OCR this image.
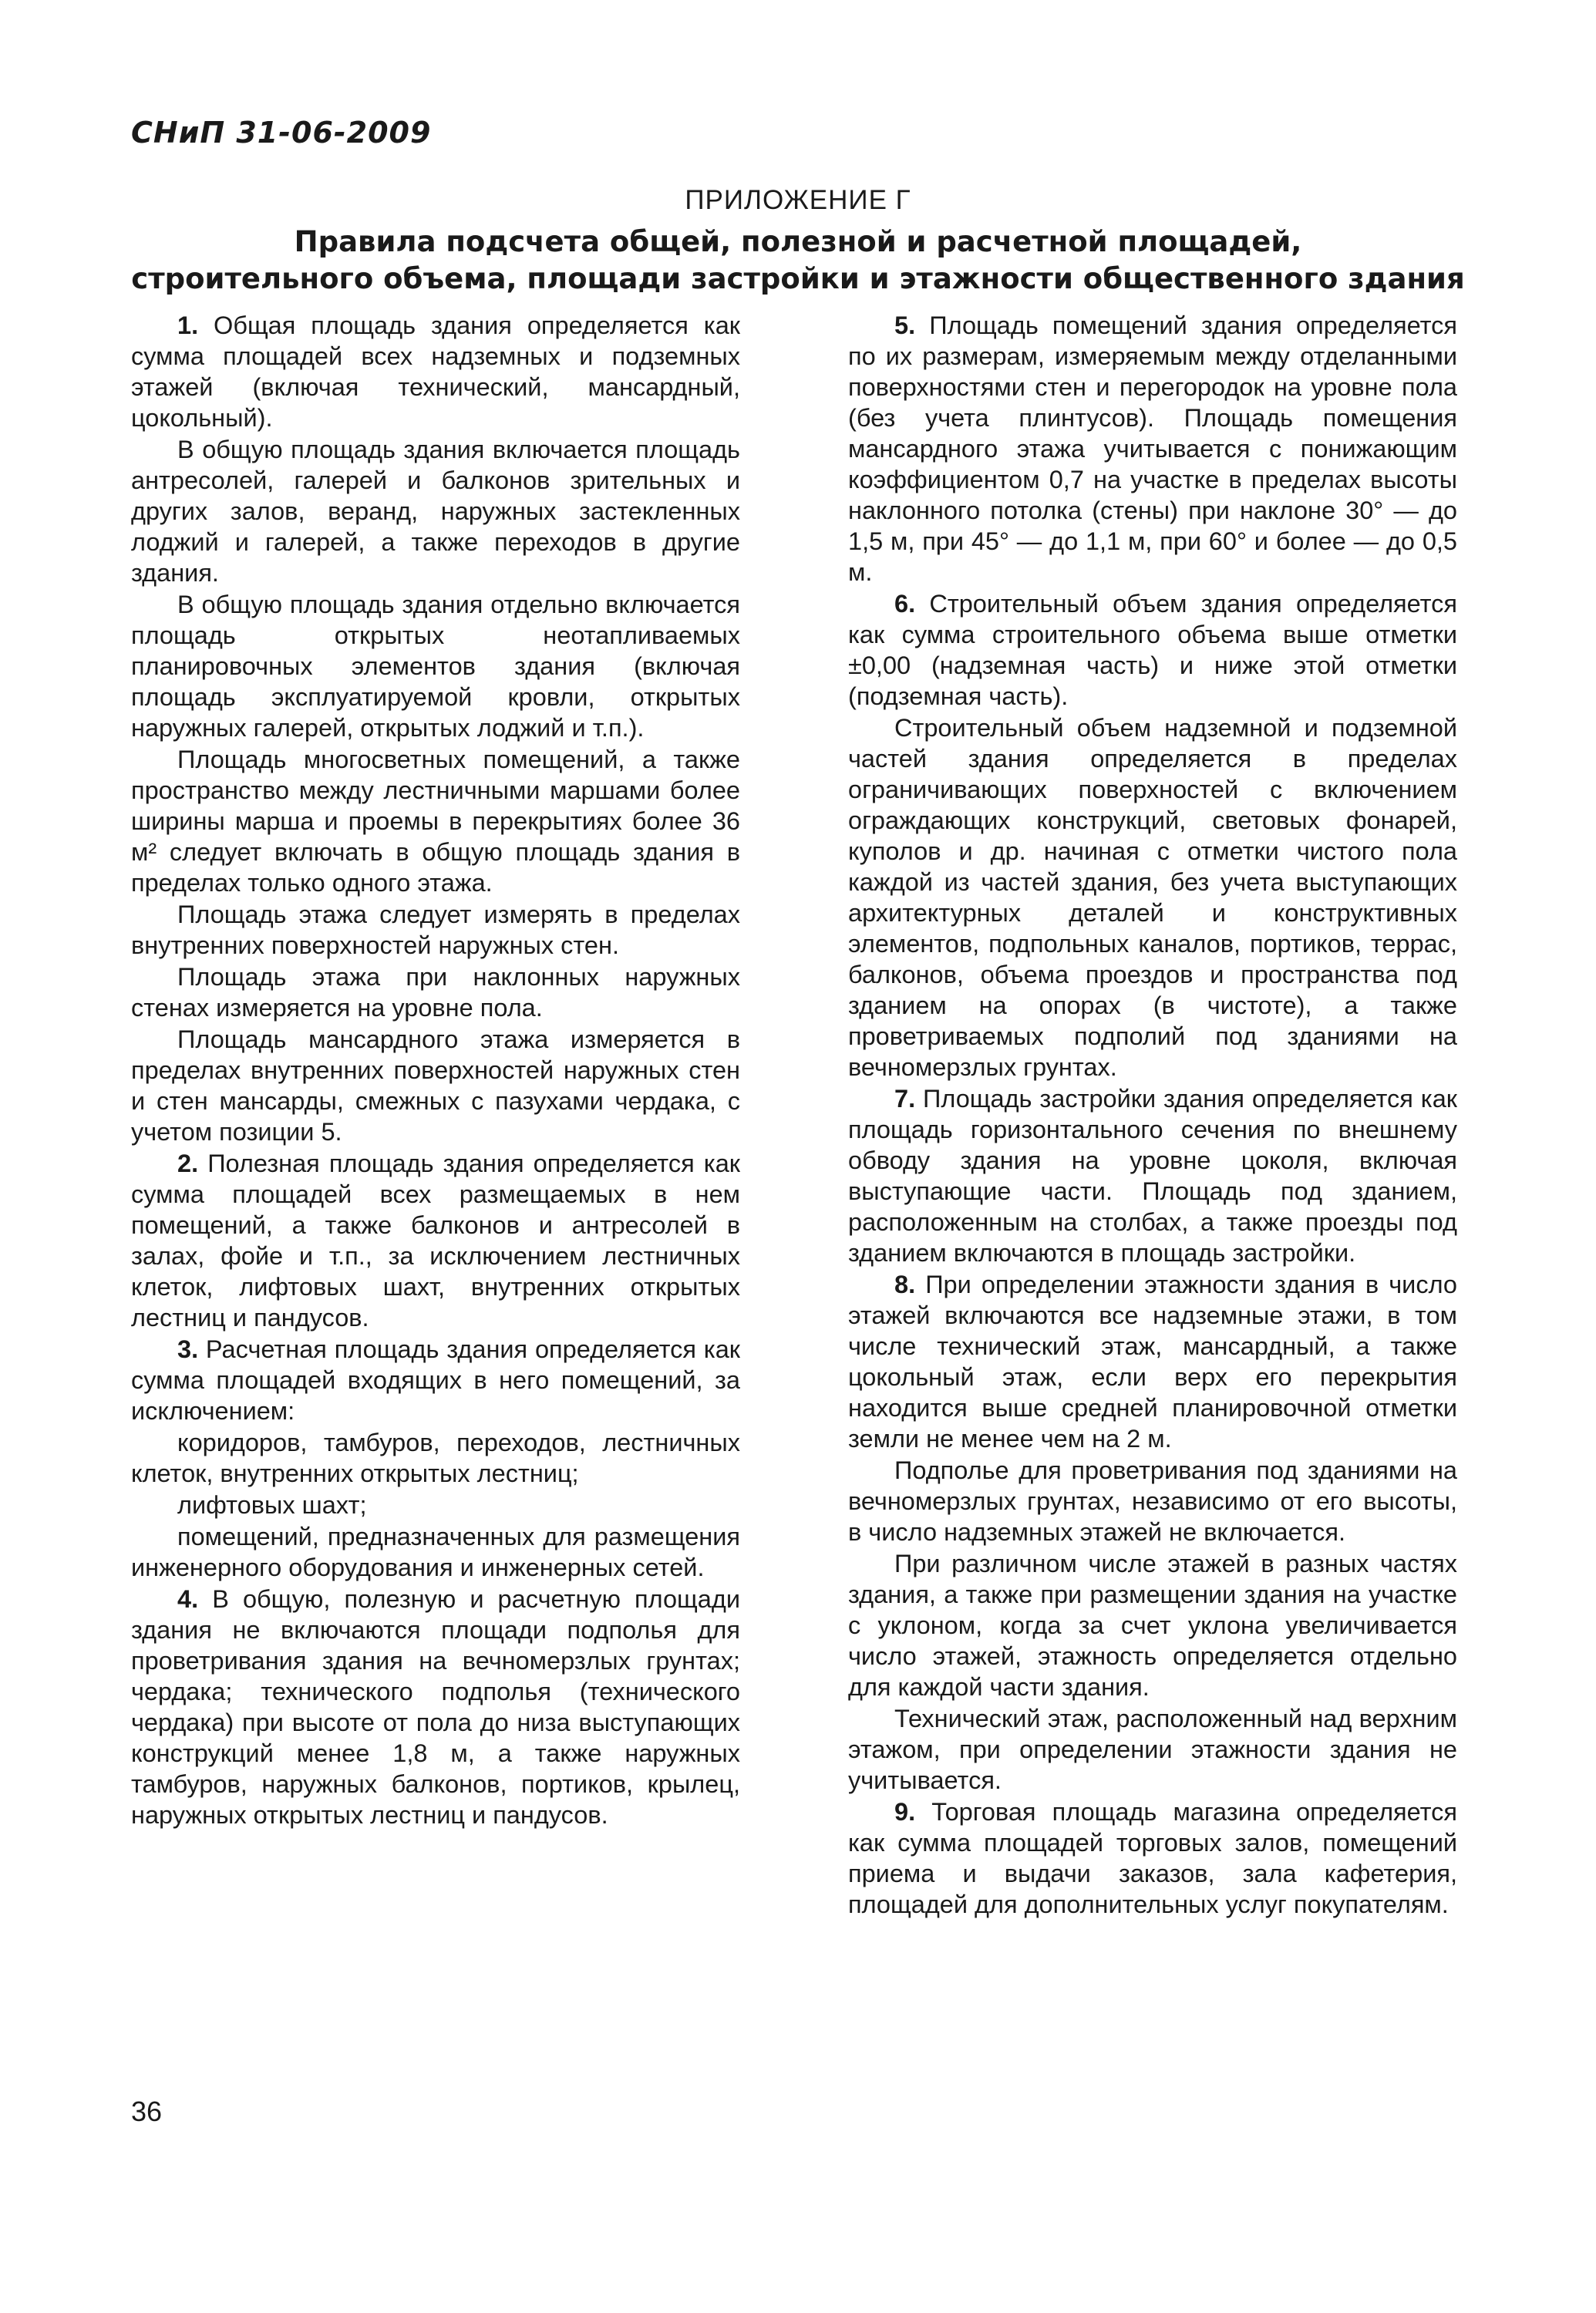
СНиП 31-06-2009
ПРИЛОЖЕНИЕ Г
Правила подсчета общей, полезной и расчетной площадей,
строительного объема, площади застройки и этажности общественного здания

1. Общая площадь здания определяется как сумма площадей всех надземных и подземных этажей (включая технический, мансардный, цокольный).

В общую площадь здания включается площадь антресолей, галерей и балконов зрительных и других залов, веранд, наружных застекленных лоджий и галерей, а также переходов в другие здания.

В общую площадь здания отдельно включается площадь открытых неотапливаемых планировочных элементов здания (включая площадь эксплуатируемой кровли, открытых наружных галерей, открытых лоджий и т.п.).

Площадь многосветных помещений, а также пространство между лестничными маршами более ширины марша и проемы в перекрытиях более 36 м² следует включать в общую площадь здания в пределах только одного этажа.

Площадь этажа следует измерять в пределах внутренних поверхностей наружных стен.

Площадь этажа при наклонных наружных стенах измеряется на уровне пола.

Площадь мансардного этажа измеряется в пределах внутренних поверхностей наружных стен и стен мансарды, смежных с пазухами чердака, с учетом позиции 5.

2. Полезная площадь здания определяется как сумма площадей всех размещаемых в нем помещений, а также балконов и антресолей в залах, фойе и т.п., за исключением лестничных клеток, лифтовых шахт, внутренних открытых лестниц и пандусов.

3. Расчетная площадь здания определяется как сумма площадей входящих в него помещений, за исключением:

коридоров, тамбуров, переходов, лестничных клеток, внутренних открытых лестниц;

лифтовых шахт;

помещений, предназначенных для размещения инженерного оборудования и инженерных сетей.

4. В общую, полезную и расчетную площади здания не включаются площади подполья для проветривания здания на вечномерзлых грунтах; чердака; технического подполья (технического чердака) при высоте от пола до низа выступающих конструкций менее 1,8 м, а также наружных тамбуров, наружных балконов, портиков, крылец, наружных открытых лестниц и пандусов.

5. Площадь помещений здания определяется по их размерам, измеряемым между отделанными поверхностями стен и перегородок на уровне пола (без учета плинтусов). Площадь помещения мансардного этажа учитывается с понижающим коэффициентом 0,7 на участке в пределах высоты наклонного потолка (стены) при наклоне 30° — до 1,5 м, при 45° — до 1,1 м, при 60° и более — до 0,5 м.

6. Строительный объем здания определяется как сумма строительного объема выше отметки ±0,00 (надземная часть) и ниже этой отметки (подземная часть).

Строительный объем надземной и подземной частей здания определяется в пределах ограничивающих поверхностей с включением ограждающих конструкций, световых фонарей, куполов и др. начиная с отметки чистого пола каждой из частей здания, без учета выступающих архитектурных деталей и конструктивных элементов, подпольных каналов, портиков, террас, балконов, объема проездов и пространства под зданием на опорах (в чистоте), а также проветриваемых подполий под зданиями на вечномерзлых грунтах.

7. Площадь застройки здания определяется как площадь горизонтального сечения по внешнему обводу здания на уровне цоколя, включая выступающие части. Площадь под зданием, расположенным на столбах, а также проезды под зданием включаются в площадь застройки.

8. При определении этажности здания в число этажей включаются все надземные этажи, в том числе технический этаж, мансардный, а также цокольный этаж, если верх его перекрытия находится выше средней планировочной отметки земли не менее чем на 2 м.

Подполье для проветривания под зданиями на вечномерзлых грунтах, независимо от его высоты, в число надземных этажей не включается.

При различном числе этажей в разных частях здания, а также при размещении здания на участке с уклоном, когда за счет уклона увеличивается число этажей, этажность определяется отдельно для каждой части здания.

Технический этаж, расположенный над верхним этажом, при определении этажности здания не учитывается.

9. Торговая площадь магазина определяется как сумма площадей торговых залов, помещений приема и выдачи заказов, зала кафетерия, площадей для дополнительных услуг покупателям.

36
